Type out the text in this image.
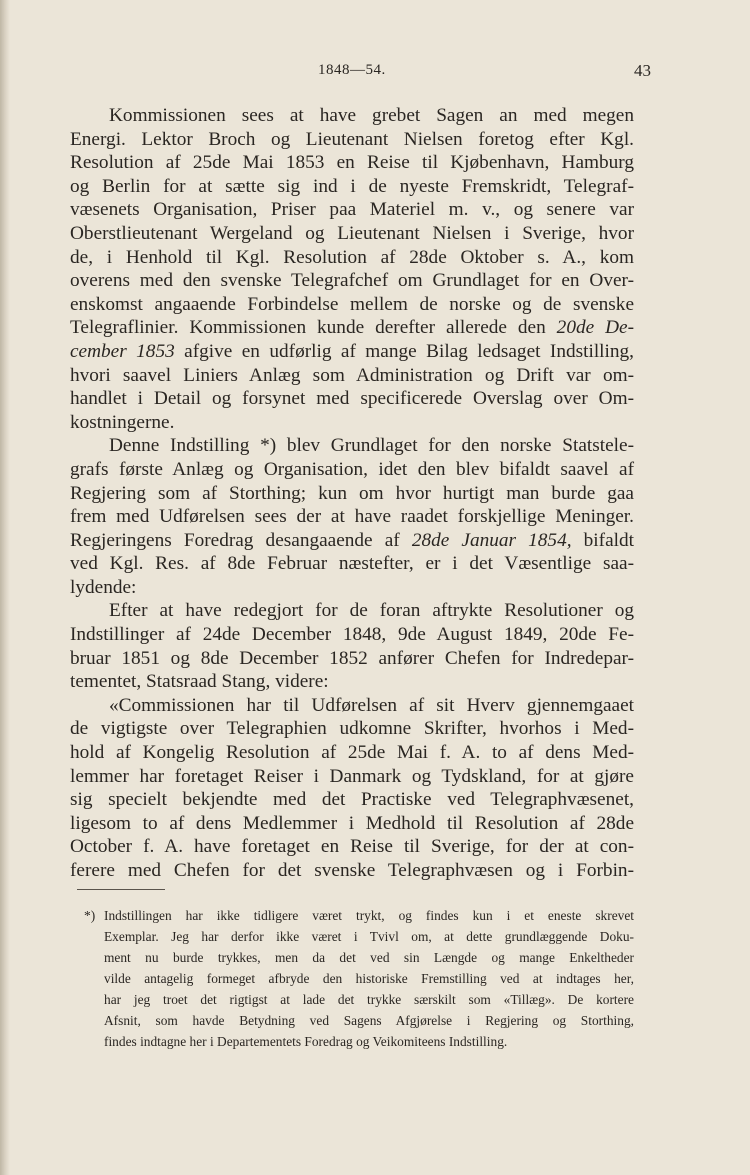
1848—54.	43
Kommissionen sees at have grebet Sagen an med megen
Energi. Lektor Broch og Lieutenant Nielsen foretog efter Kgl.
Resolution af 25de Mai 1853 en Reise til Kjøbenhavn, Hamburg
og Berlin for at sætte sig ind i de nyeste Fremskridt, Telegraf-
væsenets Organisation, Priser paa Materiel m. v., og senere var
Oberstlieutenant Wergeland og Lieutenant Nielsen i Sverige, hvor
de, i Henhold til Kgl. Resolution af 28de Oktober s. A., kom
overens med den svenske Telegrafchef om Grundlaget for en Over-
enskomst angaaende Forbindelse mellem de norske og de svenske
Telegraflinier. Kommissionen kunde derefter allerede den 20de De-
cember 1853 afgive en udførlig af mange Bilag ledsaget Indstilling,
hvori saavel Liniers Anlæg som Administration og Drift var om-
handlet i Detail og forsynet med specificerede Overslag over Om-
kostningerne.
Denne Indstilling *) blev Grundlaget for den norske Statstele-
grafs første Anlæg og Organisation, idet den blev bifaldt saavel af
Regjering som af Storthing; kun om hvor hurtigt man burde gaa
frem med Udførelsen sees der at have raadet forskjellige Meninger.
Regjeringens Foredrag desangaaende af 28de Januar 1854, bifaldt
ved Kgl. Res. af 8de Februar næstefter, er i det Væsentlige saa-
lydende:
Efter at have redegjort for de foran aftrykte Resolutioner og
Indstillinger af 24de December 1848, 9de August 1849, 20de Fe-
bruar 1851 og 8de December 1852 anfører Chefen for Indredepar-
tementet, Statsraad Stang, videre:
«Commissionen har til Udførelsen af sit Hverv gjennemgaaet
de vigtigste over Telegraphien udkomne Skrifter, hvorhos i Med-
hold af Kongelig Resolution af 25de Mai f. A. to af dens Med-
lemmer har foretaget Reiser i Danmark og Tydskland, for at gjøre
sig specielt bekjendte med det Practiske ved Telegraphvæsenet,
ligesom to af dens Medlemmer i Medhold til Resolution af 28de
October f. A. have foretaget en Reise til Sverige, for der at con-
ferere med Chefen for det svenske Telegraphvæsen og i Forbin-
*) Indstillingen har ikke tidligere været trykt, og findes kun i et eneste skrevet
Exemplar. Jeg har derfor ikke været i Tvivl om, at dette grundlæggende Doku-
ment nu burde trykkes, men da det ved sin Længde og mange Enkeltheder
vilde antagelig formeget afbryde den historiske Fremstilling ved at indtages her,
har jeg troet det rigtigst at lade det trykke særskilt som «Tillæg». De kortere
Afsnit, som havde Betydning ved Sagens Afgjørelse i Regjering og Storthing,
findes indtagne her i Departementets Foredrag og Veikomiteens Indstilling.
